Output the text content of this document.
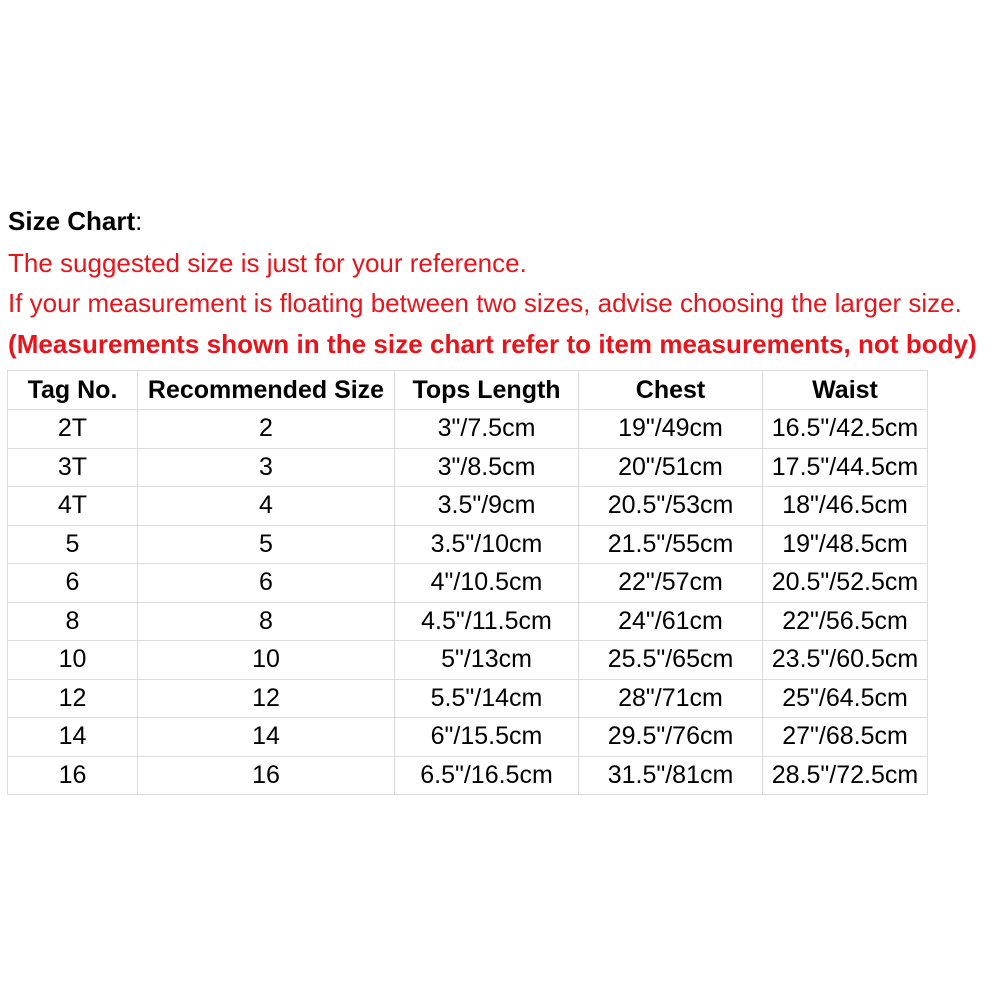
Size Chart:
The suggested size is just for your reference.
If your measurement is floating between two sizes, advise choosing the larger size.
(Measurements shown in the size chart refer to item measurements, not body)
Tag No.	Recommended Size	Tops Length	Chest	Waist
2T	2	3"/7.5cm	19"/49cm	16.5"/42.5cm
3T	3	3"/8.5cm	20"/51cm	17.5"/44.5cm
4T	4	3.5"/9cm	20.5"/53cm	18"/46.5cm
5	5	3.5"/10cm	21.5"/55cm	19"/48.5cm
6	6	4"/10.5cm	22"/57cm	20.5"/52.5cm
8	8	4.5"/11.5cm	24"/61cm	22"/56.5cm
10	10	5"/13cm	25.5"/65cm	23.5"/60.5cm
12	12	5.5"/14cm	28"/71cm	25"/64.5cm
14	14	6"/15.5cm	29.5"/76cm	27"/68.5cm
16	16	6.5"/16.5cm	31.5"/81cm	28.5"/72.5cm
